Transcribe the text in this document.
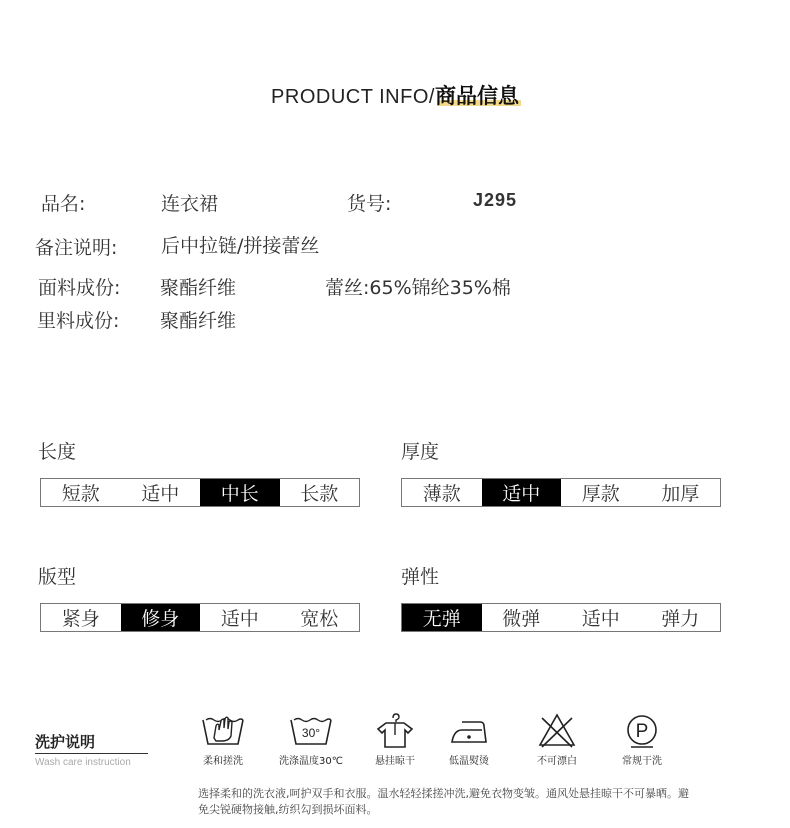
PRODUCT INFO/
商品信息
品名:	连衣裙	货号:	J295
备注说明: 后中拉链/拼接蕾丝
面料成份: 聚酯纤维	蕾丝:65%锦纶35%棉
里料成份: 聚酯纤维
长度
短款	适中	中长	长款
厚度
薄款	适中	厚款	加厚
版型
紧身	修身	适中	宽松
弹性
无弹	微弹	适中	弹力
洗护说明
Wash care instruction	柔和搓洗
30°
洗涤温度30℃	悬挂晾干	低温熨烫	不可漂白
P
常规干洗
选择柔和的洗衣液,呵护双手和衣服。温水轻轻揉搓冲洗,避免衣物变皱。通风处悬挂晾干不可暴晒。避免尖锐硬物接触,纺织勾到损坏面料。
